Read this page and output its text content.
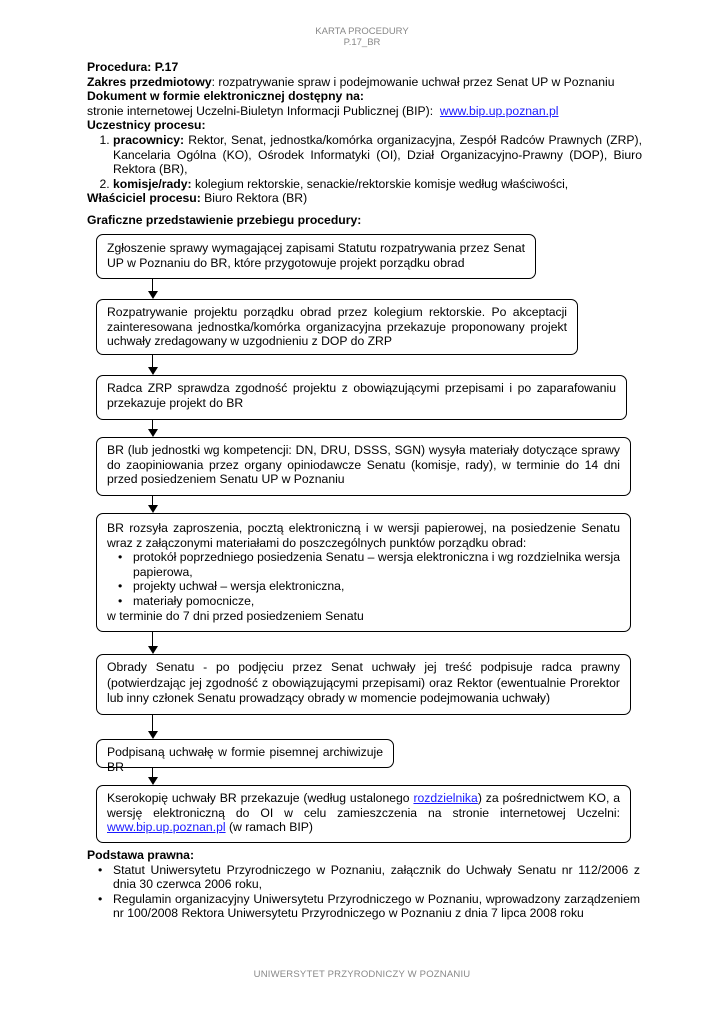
KARTA PROCEDURY
P.17_BR
Procedura: P.17
Zakres przedmiotowy: rozpatrywanie spraw i podejmowanie uchwał przez Senat UP w Poznaniu
Dokument w formie elektronicznej dostępny na:
stronie internetowej Uczelni-Biuletyn Informacji Publicznej (BIP): www.bip.up.poznan.pl
Uczestnicy procesu:
1. pracownicy: Rektor, Senat, jednostka/komórka organizacyjna, Zespół Radców Prawnych (ZRP), Kancelaria Ogólna (KO), Ośrodek Informatyki (OI), Dział Organizacyjno-Prawny (DOP), Biuro Rektora (BR),
2. komisje/rady: kolegium rektorskie, senackie/rektorskie komisje według właściwości,
Właściciel procesu: Biuro Rektora (BR)
Graficzne przedstawienie przebiegu procedury:

Zgłoszenie sprawy wymagającej zapisami Statutu rozpatrywania przez Senat UP w Poznaniu do BR, które przygotowuje projekt porządku obrad

Rozpatrywanie projektu porządku obrad przez kolegium rektorskie. Po akceptacji zainteresowana jednostka/komórka organizacyjna przekazuje proponowany projekt uchwały zredagowany w uzgodnieniu z DOP do ZRP

Radca ZRP sprawdza zgodność projektu z obowiązującymi przepisami i po zaparafowaniu przekazuje projekt do BR

BR (lub jednostki wg kompetencji: DN, DRU, DSSS, SGN) wysyła materiały dotyczące sprawy do zaopiniowania przez organy opiniodawcze Senatu (komisje, rady), w terminie do 14 dni przed posiedzeniem Senatu UP w Poznaniu

BR rozsyła zaproszenia, pocztą elektroniczną i w wersji papierowej, na posiedzenie Senatu wraz z załączonymi materiałami do poszczególnych punktów porządku obrad:

• protokół poprzedniego posiedzenia Senatu – wersja elektroniczna i wg rozdzielnika wersja papierowa,
• projekty uchwał – wersja elektroniczna,
• materiały pomocnicze,

w terminie do 7 dni przed posiedzeniem Senatu

Obrady Senatu - po podjęciu przez Senat uchwały jej treść podpisuje radca prawny (potwierdzając jej zgodność z obowiązującymi przepisami) oraz Rektor (ewentualnie Prorektor lub inny członek Senatu prowadzący obrady w momencie podejmowania uchwały)

Podpisaną uchwałę w formie pisemnej archiwizuje BR

Kserokopię uchwały BR przekazuje (według ustalonego rozdzielnika) za pośrednictwem KO, a wersję elektroniczną do OI w celu zamieszczenia na stronie internetowej Uczelni: www.bip.up.poznan.pl (w ramach BIP)

Podstawa prawna:
• Statut Uniwersytetu Przyrodniczego w Poznaniu, załącznik do Uchwały Senatu nr 112/2006 z dnia 30 czerwca 2006 roku,
• Regulamin organizacyjny Uniwersytetu Przyrodniczego w Poznaniu, wprowadzony zarządzeniem nr 100/2008 Rektora Uniwersytetu Przyrodniczego w Poznaniu z dnia 7 lipca 2008 roku
UNIWERSYTET PRZYRODNICZY W POZNANIU
